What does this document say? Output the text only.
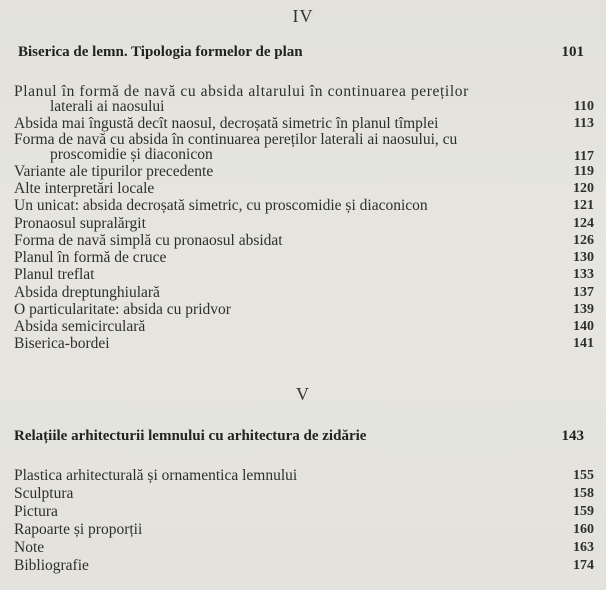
IV
Biserica de lemn. Tipologia formelor de plan	101
Planul în formă de navă cu absida altarului în continuarea pereților
laterali ai naosului	110
Absida mai îngustă decît naosul, decroșată simetric în planul tîmplei	113
Forma de navă cu absida în continuarea pereților laterali ai naosului, cu
proscomidie și diaconicon	117
Variante ale tipurilor precedente	119
Alte interpretări locale	120
Un unicat: absida decroșată simetric, cu proscomidie și diaconicon	121
Pronaosul supralărgit	124
Forma de navă simplă cu pronaosul absidat	126
Planul în formă de cruce	130
Planul treflat	133
Absida dreptunghiulară	137
O particularitate: absida cu pridvor	139
Absida semicirculară	140
Biserica-bordei	141
V
Relațiile arhitecturii lemnului cu arhitectura de zidărie	143
Plastica arhitecturală și ornamentica lemnului	155
Sculptura	158
Pictura	159
Rapoarte și proporții	160
Note	163
Bibliografie	174
